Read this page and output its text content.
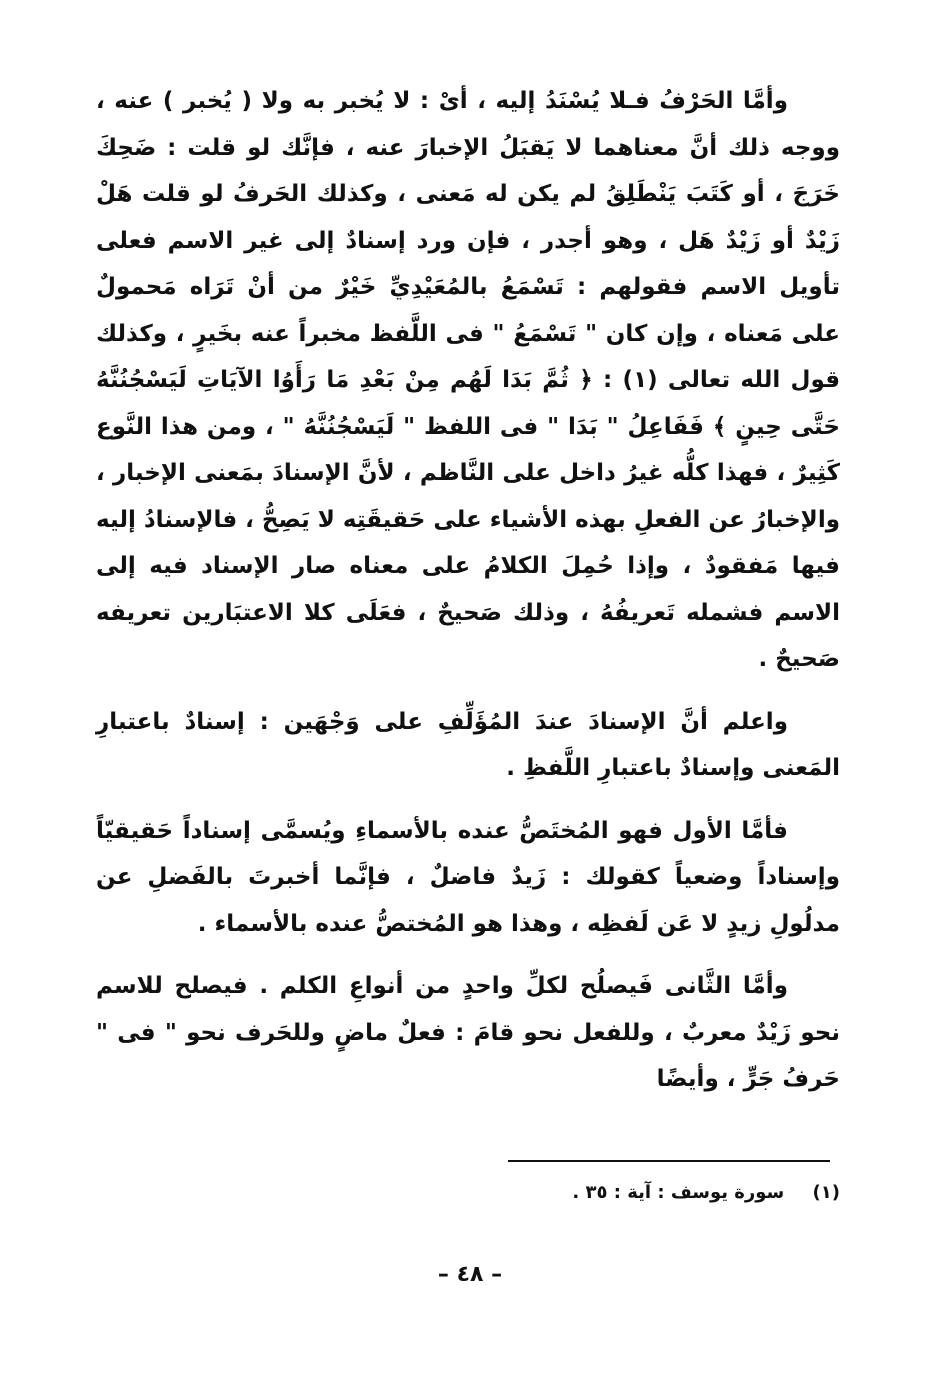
وأمَّا الحَرْفُ فـلا يُسْنَدُ إليه ، أىْ : لا يُخبر به ولا ( يُخبر ) عنه ، ووجه ذلك أنَّ معناهما لا يَقبَلُ الإخبارَ عنه ، فإنَّك لو قلت : ضَحِكَ خَرَجَ ، أو كَتَبَ يَنْطَلِقُ لم يكن له مَعنى ، وكذلك الحَرفُ لو قلت هَلْ زَيْدٌ أو زَيْدٌ هَل ، وهو أجدر ، فإن ورد إسنادٌ إلى غير الاسم فعلى تأويل الاسم فقولهم : تَسْمَعُ بالمُعَيْدِيِّ خَيْرٌ من أنْ تَرَاه مَحمولٌ على مَعناه ، وإن كان " تَسْمَعُ " فى اللَّفظ مخبراً عنه بخَيرٍ ، وكذلك قول الله تعالى (١) : ﴿ ثُمَّ بَدَا لَهُم مِنْ بَعْدِ مَا رَأَوُا الآيَاتِ لَيَسْجُنُنَّهُ حَتَّى حِينٍ ﴾ فَفَاعِلُ " بَدَا " فى اللفظ " لَيَسْجُنُنَّهُ " ، ومن هذا النَّوع كَثِيرٌ ، فهذا كلُّه غيرُ داخل على النَّاظم ، لأنَّ الإسنادَ بمَعنى الإخبار ، والإخبارُ عن الفعلِ بهذه الأشياء على حَقيقَتِه لا يَصِحُّ ، فالإسنادُ إليه فيها مَفقودٌ ، وإذا حُمِلَ الكلامُ على معناه صار الإسناد فيه إلى الاسم فشمله تَعريفُهُ ، وذلك صَحيحٌ ، فعَلَى كلا الاعتبَارين تعريفه صَحيحٌ .

واعلم أنَّ الإسنادَ عندَ المُؤَلِّفِ على وَجْهَين : إسنادٌ باعتبارِ المَعنى وإسنادٌ باعتبارِ اللَّفظِ .

فأمَّا الأول فهو المُختَصُّ عنده بالأسماءِ ويُسمَّى إسناداً حَقيقيّاً وإسناداً وضعياً كقولك : زَيدٌ فاضلٌ ، فإنَّما أخبرتَ بالفَضلِ عن مدلُولِ زيدٍ لا عَن لَفظِه ، وهذا هو المُختصُّ عنده بالأسماء .

وأمَّا الثَّانى فَيصلُح لكلِّ واحدٍ من أنواعِ الكلم . فيصلح للاسم نحو زَيْدٌ معربٌ ، وللفعل نحو قامَ : فعلٌ ماضٍ وللحَرف نحو " فى " حَرفُ جَرٍّ ، وأيضًا

(١) سورة يوسف : آية : ٣٥ .
– ٤٨ –
